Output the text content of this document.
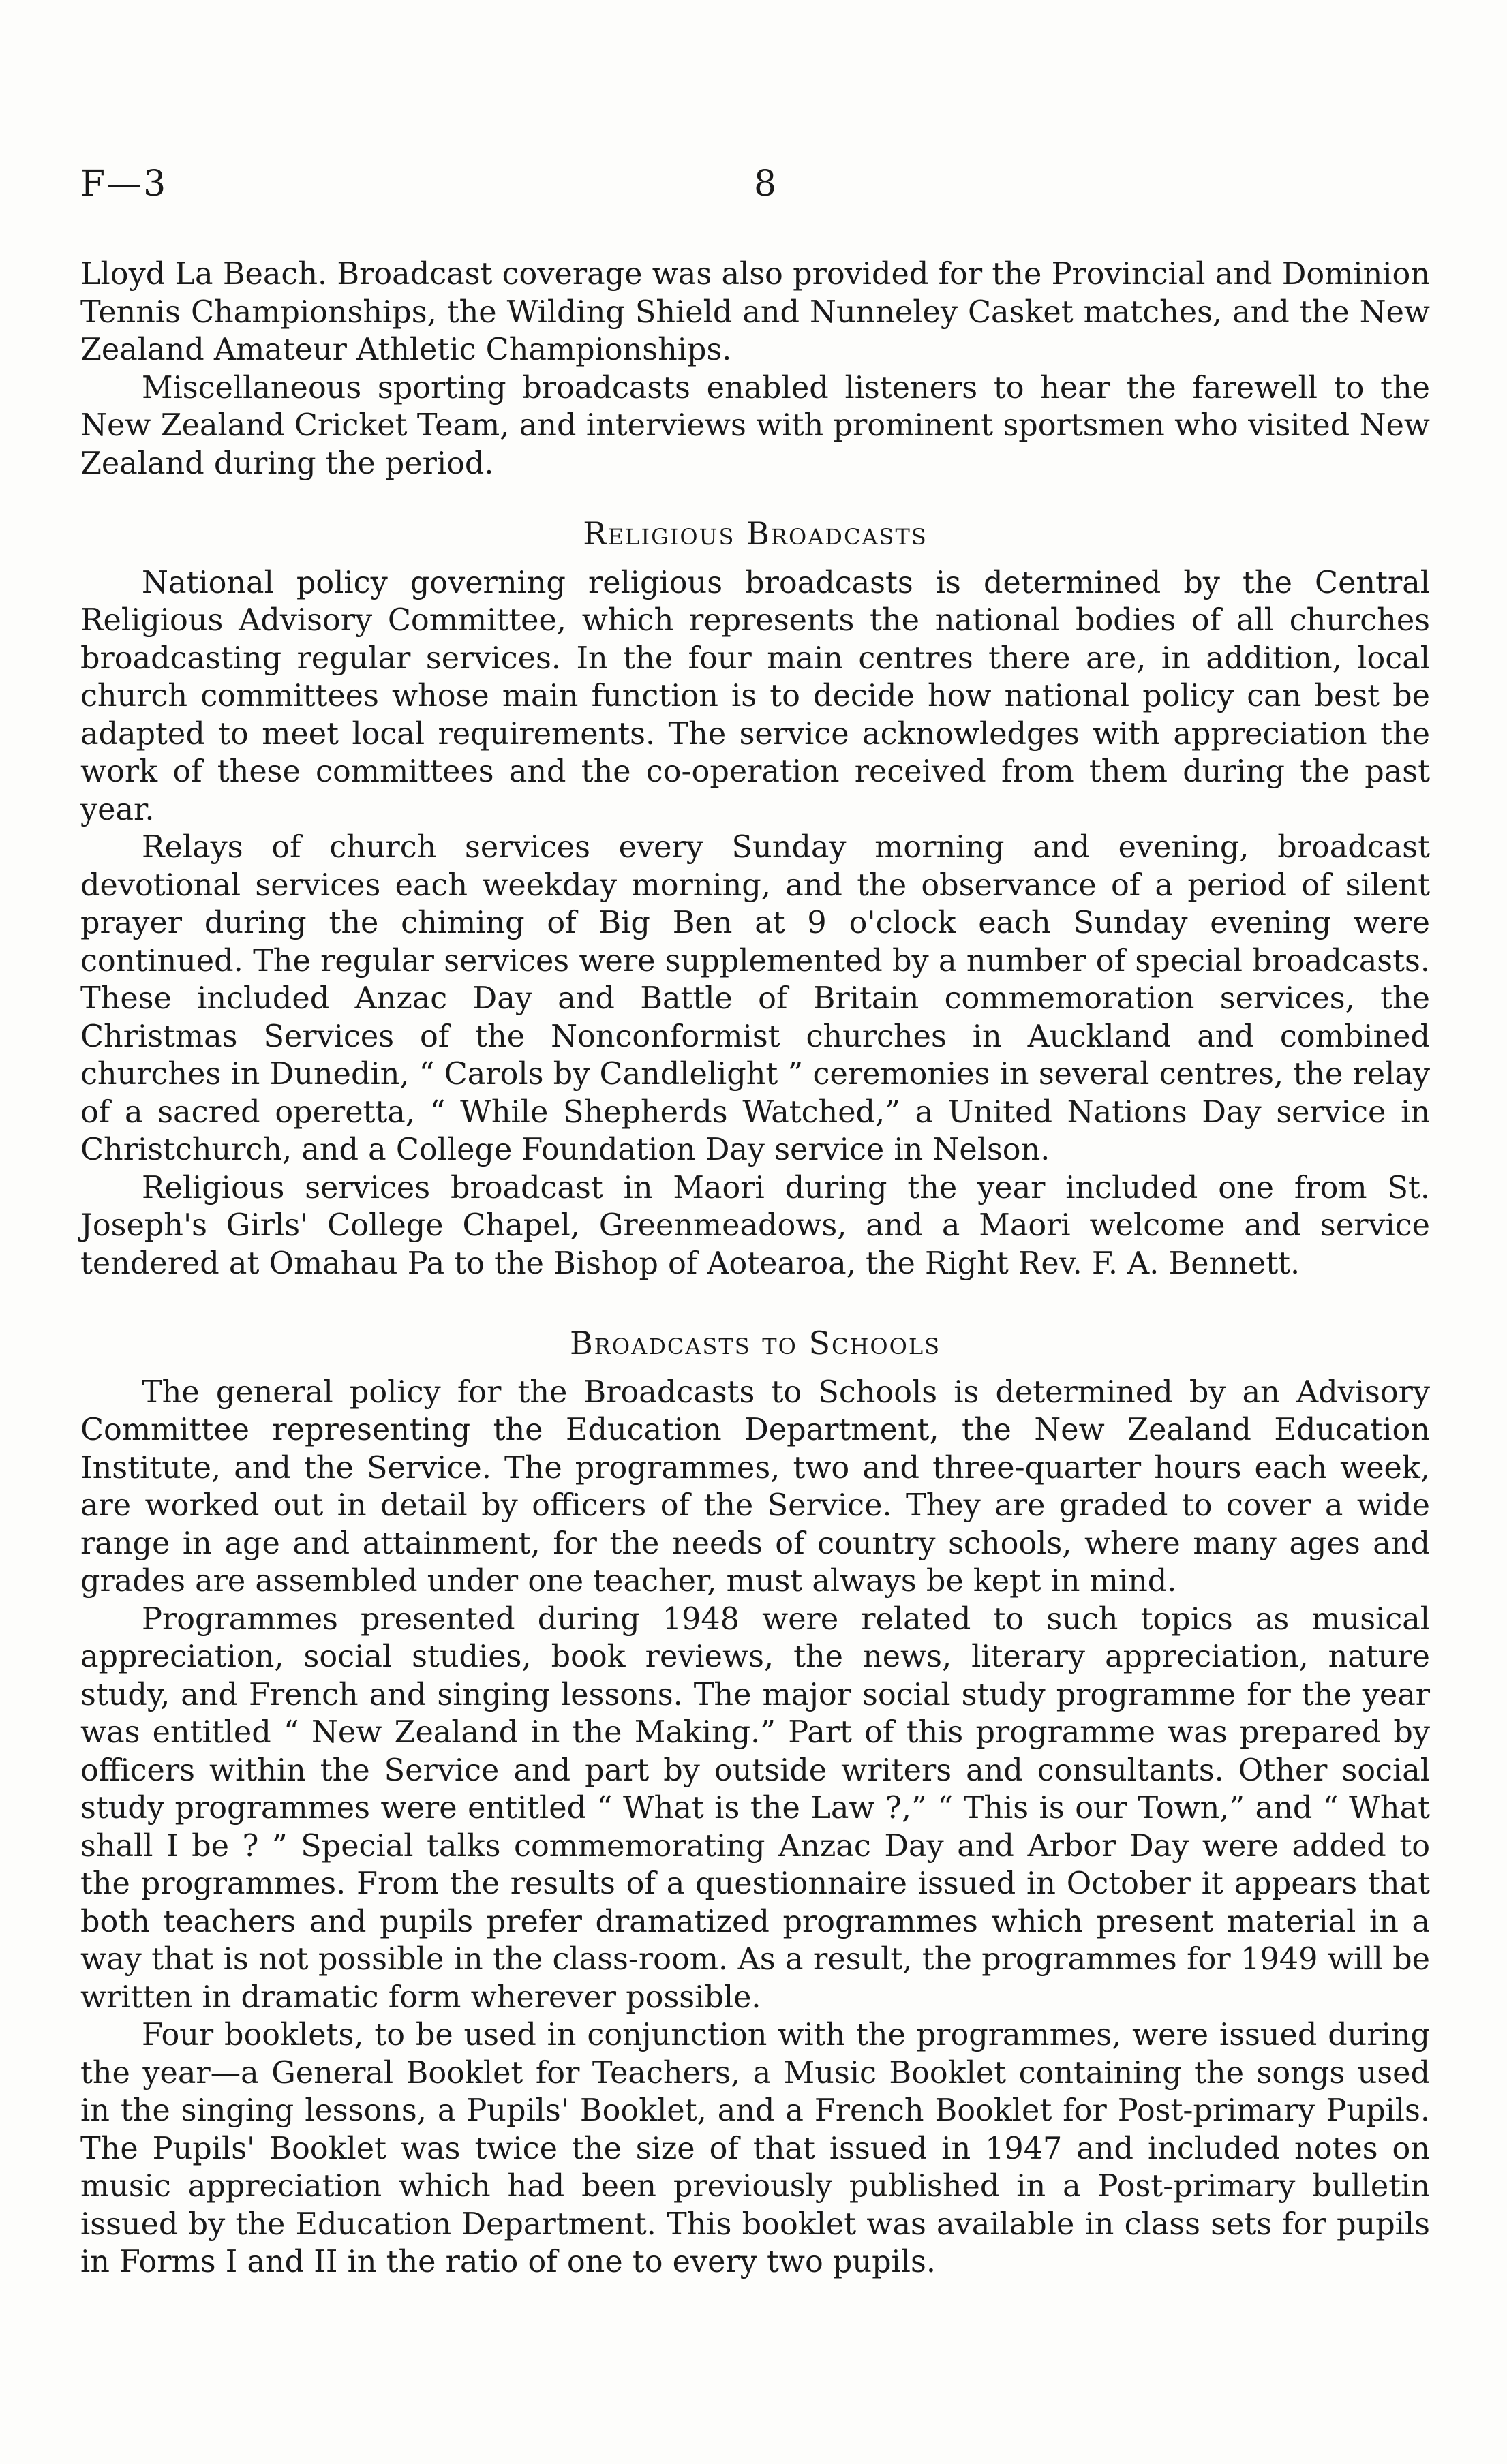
F—3	8

Lloyd La Beach. Broadcast coverage was also provided for the Provincial and Dominion Tennis Championships, the Wilding Shield and Nunneley Casket matches, and the New Zealand Amateur Athletic Championships.

Miscellaneous sporting broadcasts enabled listeners to hear the farewell to the New Zealand Cricket Team, and interviews with prominent sportsmen who visited New Zealand during the period.

Religious Broadcasts

National policy governing religious broadcasts is determined by the Central Religious Advisory Committee, which represents the national bodies of all churches broadcasting regular services. In the four main centres there are, in addition, local church committees whose main function is to decide how national policy can best be adapted to meet local requirements. The service acknowledges with appreciation the work of these committees and the co-operation received from them during the past year.

Relays of church services every Sunday morning and evening, broadcast devotional services each weekday morning, and the observance of a period of silent prayer during the chiming of Big Ben at 9 o'clock each Sunday evening were continued. The regular services were supplemented by a number of special broadcasts. These included Anzac Day and Battle of Britain commemoration services, the Christmas Services of the Nonconformist churches in Auckland and combined churches in Dunedin, “ Carols by Candlelight ” ceremonies in several centres, the relay of a sacred operetta, “ While Shepherds Watched,” a United Nations Day service in Christchurch, and a College Foundation Day service in Nelson.

Religious services broadcast in Maori during the year included one from St. Joseph's Girls' College Chapel, Greenmeadows, and a Maori welcome and service tendered at Omahau Pa to the Bishop of Aotearoa, the Right Rev. F. A. Bennett.

Broadcasts to Schools

The general policy for the Broadcasts to Schools is determined by an Advisory Committee representing the Education Department, the New Zealand Education Institute, and the Service. The programmes, two and three-quarter hours each week, are worked out in detail by officers of the Service. They are graded to cover a wide range in age and attainment, for the needs of country schools, where many ages and grades are assembled under one teacher, must always be kept in mind.

Programmes presented during 1948 were related to such topics as musical appreciation, social studies, book reviews, the news, literary appreciation, nature study, and French and singing lessons. The major social study programme for the year was entitled “ New Zealand in the Making.” Part of this programme was prepared by officers within the Service and part by outside writers and consultants. Other social study programmes were entitled “ What is the Law ?,” “ This is our Town,” and “ What shall I be ? ” Special talks commemorating Anzac Day and Arbor Day were added to the programmes. From the results of a questionnaire issued in October it appears that both teachers and pupils prefer dramatized programmes which present material in a way that is not possible in the class-room. As a result, the programmes for 1949 will be written in dramatic form wherever possible.

Four booklets, to be used in conjunction with the programmes, were issued during the year—a General Booklet for Teachers, a Music Booklet containing the songs used in the singing lessons, a Pupils' Booklet, and a French Booklet for Post-primary Pupils. The Pupils' Booklet was twice the size of that issued in 1947 and included notes on music appreciation which had been previously published in a Post-primary bulletin issued by the Education Department. This booklet was available in class sets for pupils in Forms I and II in the ratio of one to every two pupils.
